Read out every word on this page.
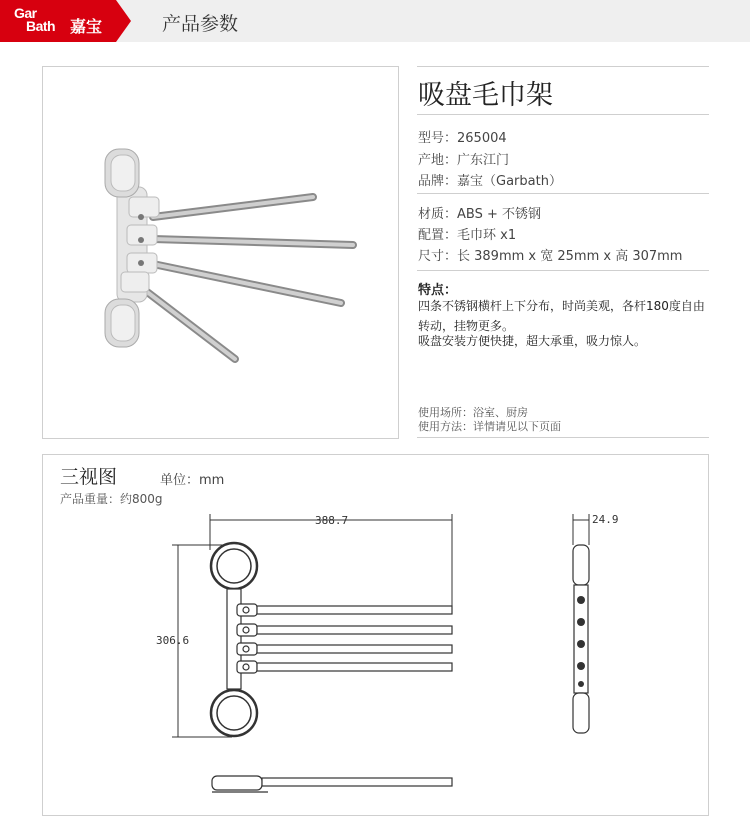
Gar
Bath 嘉宝	产品参数
吸盘毛巾架
型号：265004
产地：广东江门
品牌：嘉宝（Garbath）
材质：ABS + 不锈钢
配置：毛巾环 x1
尺寸：长 389mm x 宽 25mm x 高 307mm
特点：
四条不锈钢横杆上下分布，时尚美观，各杆180度自由转动，挂物更多。
吸盘安装方便快捷，超大承重，吸力惊人。
使用场所：浴室、厨房
使用方法：详情请见以下页面
三视图	单位：mm
产品重量：约800g
388.7
306.6
24.9
